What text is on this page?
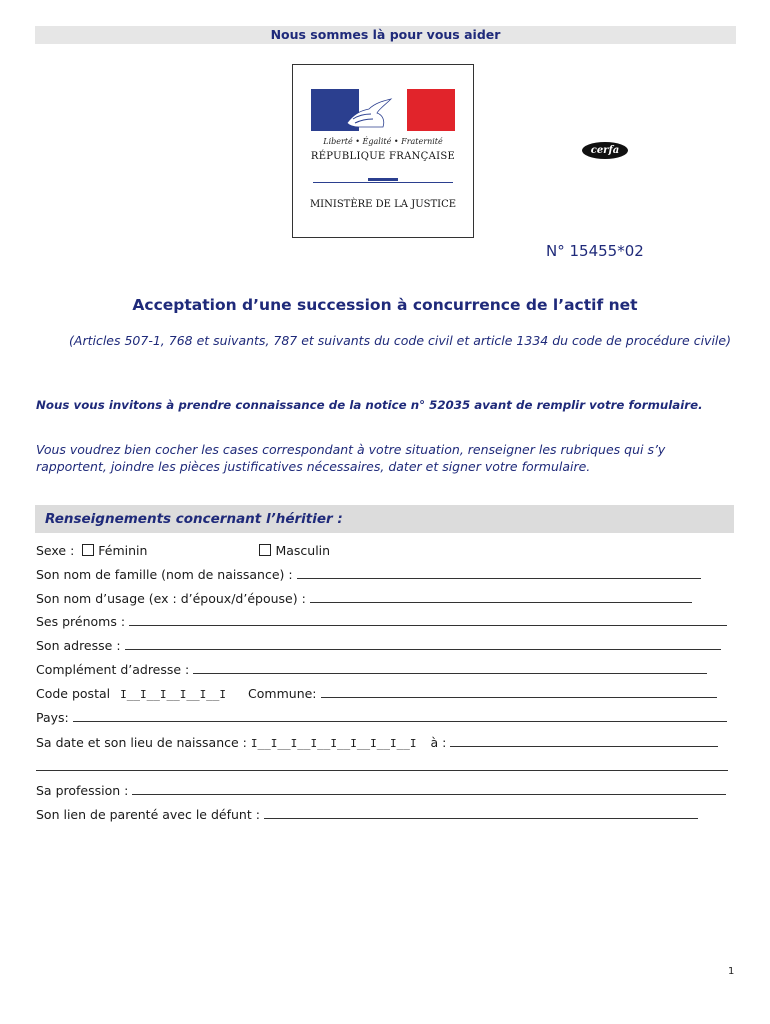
Nous sommes là pour vous aider
Liberté • Égalité • Fraternité
RÉPUBLIQUE FRANÇAISE
MINISTÈRE DE LA JUSTICE
cerfa
N° 15455*02
Acceptation d’une succession à concurrence de l’actif net
(Articles 507-1, 768 et suivants, 787 et suivants du code civil et article 1334 du code de procédure civile)
Nous vous invitons à prendre connaissance de la notice n° 52035 avant de remplir votre formulaire.
Vous voudrez bien cocher les cases correspondant à votre situation, renseigner les rubriques qui s’y rapportent, joindre les pièces justificatives nécessaires, dater et signer votre formulaire.
Renseignements concernant l’héritier :
Sexe : Féminin	Masculin
Son nom de famille (nom de naissance) :
Son nom d’usage (ex : d’époux/d’épouse) :
Ses prénoms :
Son adresse :
Complément d’adresse :
Code postal I__I__I__I__I__I Commune:
Pays:
Sa date et son lieu de naissance : I__I__I__I__I__I__I__I__I à :
Sa profession :
Son lien de parenté avec le défunt :
1
